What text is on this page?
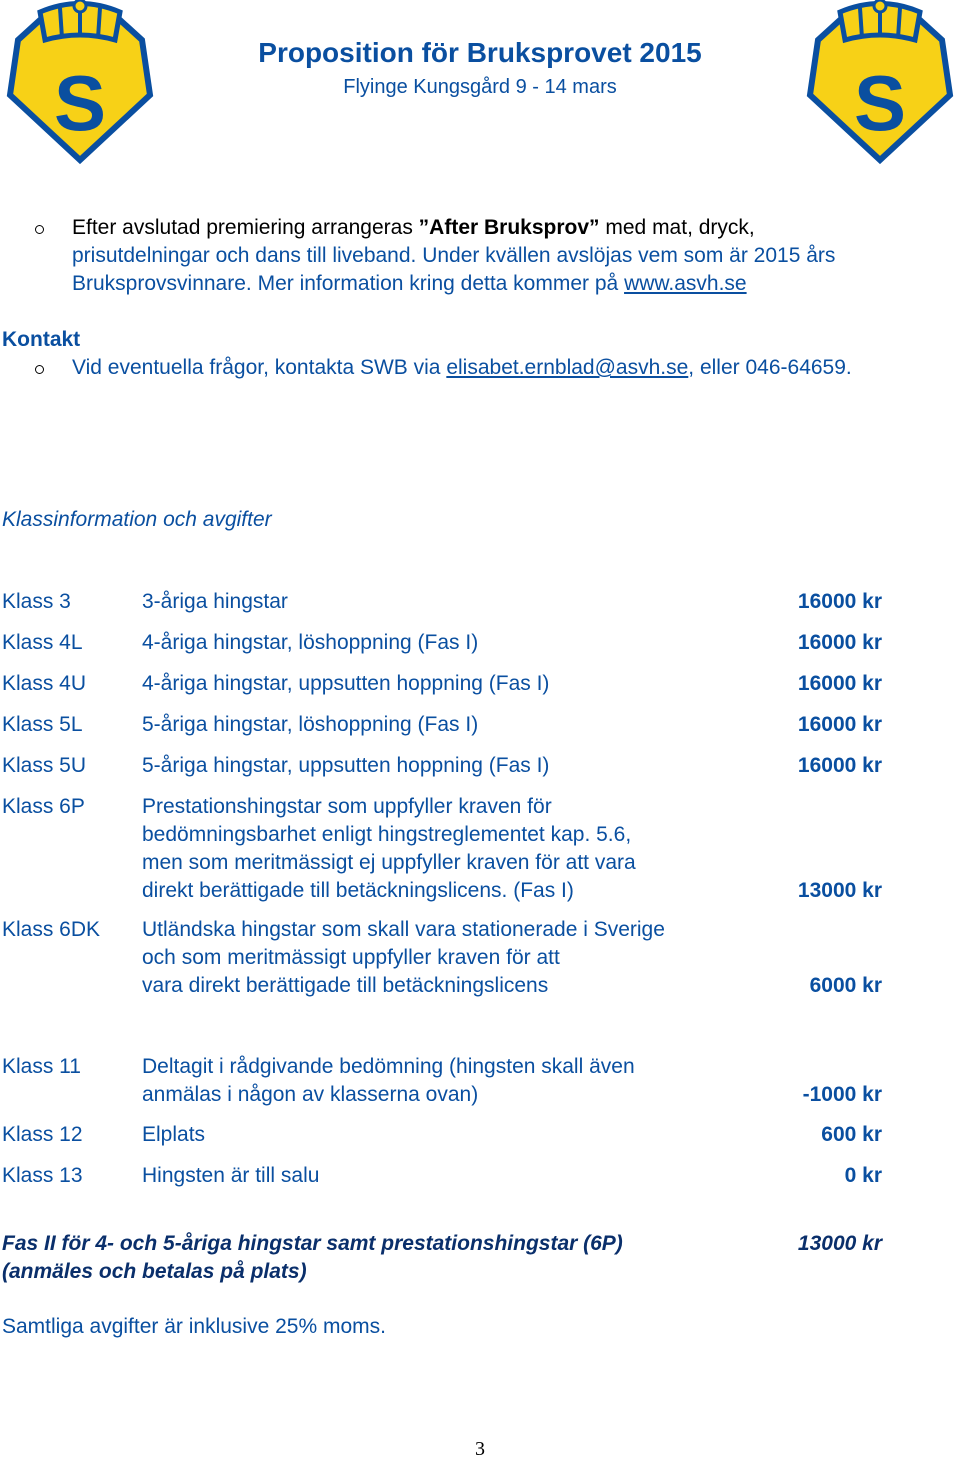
S	S
Proposition för Bruksprovet 2015
Flyinge Kungsgård 9 - 14 mars
Efter avslutad premiering arrangeras ”After Bruksprov” med mat, dryck,
prisutdelningar och dans till liveband. Under kvällen avslöjas vem som är 2015 års
Bruksprovsvinnare. Mer information kring detta kommer på www.asvh.se
Kontakt
Vid eventuella frågor, kontakta SWB via elisabet.ernblad@asvh.se, eller 046-64659.
Klassinformation och avgifter
Klass 3	3-åriga hingstar	16000 kr
Klass 4L	4-åriga hingstar, löshoppning (Fas I)	16000 kr
Klass 4U	4-åriga hingstar, uppsutten hoppning (Fas I)	16000 kr
Klass 5L	5-åriga hingstar, löshoppning (Fas I)	16000 kr
Klass 5U	5-åriga hingstar, uppsutten hoppning (Fas I)	16000 kr
Klass 6P	Prestationshingstar som uppfyller kraven för
bedömningsbarhet enligt hingstreglementet kap. 5.6,
men som meritmässigt ej uppfyller kraven för att vara
direkt berättigade till betäckningslicens. (Fas I)	13000 kr
Klass 6DK Utländska hingstar som skall vara stationerade i Sverige
och som meritmässigt uppfyller kraven för att
vara direkt berättigade till betäckningslicens	6000 kr
Klass 11	Deltagit i rådgivande bedömning (hingsten skall även
anmälas i någon av klasserna ovan)	-1000 kr
Klass 12	Elplats	600 kr
Klass 13	Hingsten är till salu	0 kr
Fas II för 4- och 5-åriga hingstar samt prestationshingstar (6P)
(anmäles och betalas på plats)
13000 kr
Samtliga avgifter är inklusive 25% moms.
3
